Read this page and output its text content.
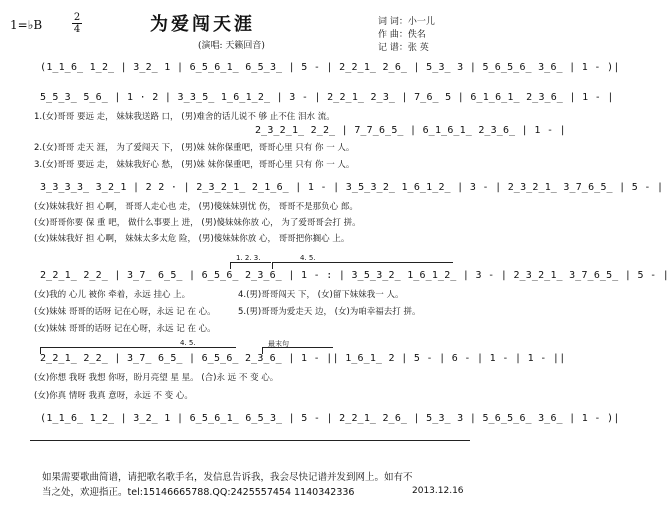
为爱闯天涯
1=♭B
2
4
(演唱: 天籁回音)
词 词：小一儿
作 曲：佚名
记 谱：张 英
(1̲1̲6̲ 1̲2̲ | 3̲2̲ 1 | 6̲5̲6̲1̲ 6̲5̲3̲ | 5 - | 2̲2̲1̲ 2̲6̲ | 5̲3̲ 3 | 5̲6̲5̲6̲ 3̲6̲ | 1 - )|
5̲5̲3̲ 5̲6̲ | 1 · 2 | 3̲3̲5̲ 1̲6̲1̲2̲ | 3 - | 2̲2̲1̲ 2̲3̲ | 7̲6̲ 5 | 6̲1̲6̲1̲ 2̲3̲6̲ | 1 - |
1.(女)哥哥 要远 走， 妹妹我送路 口， (男)难舍的话儿说不 够 止不住 泪水 流。
2̲3̲2̲1̲ 2̲2̲ | 7̲7̲6̲5̲ | 6̲1̲6̲1̲ 2̲3̲6̲ | 1 - |
2.(女)哥哥 走天 涯， 为了爱闯天 下， (男)妹 妹你保重吧，哥哥心里 只有 你 一 人。
3.(女)哥哥 要远 走， 妹妹我好心 愁， (男)妹 妹你保重吧，哥哥心里 只有 你 一 人。
3̲3̲3̲3̲ 3̲2̲1 | 2 2 · | 2̲3̲2̲1̲ 2̲1̲6̲ | 1 - | 3̲5̲3̲2̲ 1̲6̲1̲2̲ | 3 - | 2̲3̲2̲1̲ 3̲7̲6̲5̲ | 5 - |
(女)妹妹我好 担 心啊， 哥哥人走心也 走， (男)傻妹妹别忧 伤， 哥哥不是那负心 郎。
(女)哥哥你要 保 重 吧， 做什么事要上 进， (男)傻妹妹你放 心， 为了爱哥哥会打 拼。
(女)妹妹我好 担 心啊， 妹妹太多太危 险， (男)傻妹妹你放 心， 哥哥把你搁心 上。
1. 2. 3.	4. 5.
2̲2̲1̲ 2̲2̲ | 3̲7̲ 6̲5̲ | 6̲5̲6̲ 2̲3̲6̲ | 1 - : | 3̲5̲3̲2̲ 1̲6̲1̲2̲ | 3 - | 2̲3̲2̲1̲ 3̲7̲6̲5̲ | 5 - |
(女)我的 心儿 被你 牵着，永远 挂心 上。
(女)妹妹 哥哥的话呀 记在心呀，永远 记 在 心。
(女)妹妹 哥哥的话呀 记在心呀，永远 记 在 心。
4.(男)哥哥闯天 下， (女)留下妹妹我一 人。
5.(男)哥哥为爱走天 边， (女)为咱幸福去打 拼。
4. 5.	最末句
2̲2̲1̲ 2̲2̲ | 3̲7̲ 6̲5̲ | 6̲5̲6̲ 2̲3̲6̲ | 1 - || 1̲6̲1̲ 2 | 5 - | 6 - | 1 - | 1 - ||
(女)你想 我呀 我想 你呀，盼月亮望 星 星。 (合)永 远 不 变 心。
(女)你真 情呀 我真 意呀，永远 不 变 心。
(1̲1̲6̲ 1̲2̲ | 3̲2̲ 1 | 6̲5̲6̲1̲ 6̲5̲3̲ | 5 - | 2̲2̲1̲ 2̲6̲ | 5̲3̲ 3 | 5̲6̲5̲6̲ 3̲6̲ | 1 - )|
如果需要歌曲简谱，请把歌名歌手名，发信息告诉我，我会尽快记谱并发到网上。如有不
当之处，欢迎指正。tel:15146665788.QQ:2425557454 1140342336	2013.12.16
